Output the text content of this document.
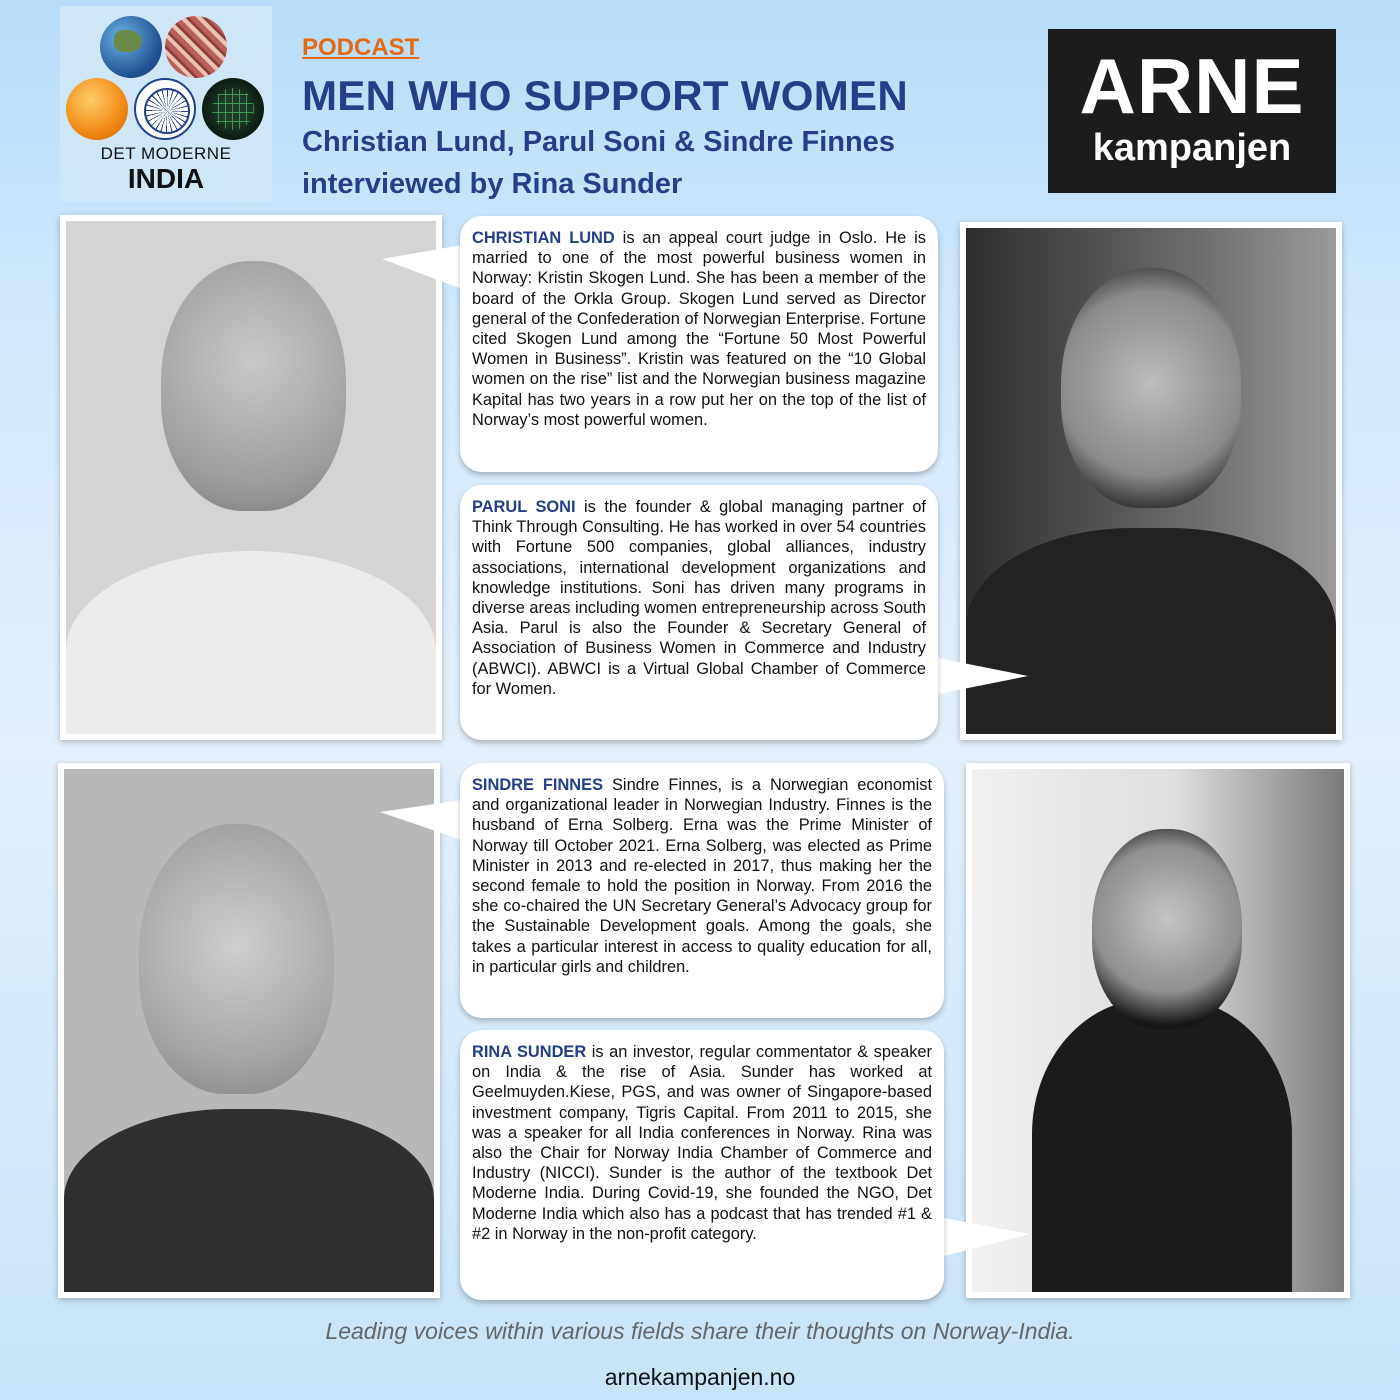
DET MODERNE
INDIA
PODCAST
MEN WHO SUPPORT WOMEN
Christian Lund, Parul Soni & Sindre Finnes
interviewed by Rina Sunder
ARNE
kampanjen
CHRISTIAN LUND is an appeal court judge in Oslo. He is married to one of the most powerful business women in Norway: Kristin Skogen Lund. She has been a member of the board of the Orkla Group. Skogen Lund served as Director general of the Confederation of Norwegian Enterprise. Fortune cited Skogen Lund among the “Fortune 50 Most Powerful Women in Business”. Kristin was featured on the “10 Global women on the rise” list and the Norwegian business magazine Kapital has two years in a row put her on the top of the list of Norway’s most powerful women.
PARUL SONI is the founder & global managing partner of Think Through Consulting. He has worked in over 54 countries with Fortune 500 companies, global alliances, industry associations, international development organizations and knowledge institutions. Soni has driven many programs in diverse areas including women entrepreneurship across South Asia. Parul is also the Founder & Secretary General of Association of Business Women in Commerce and Industry (ABWCI). ABWCI is a Virtual Global Chamber of Commerce for Women.
SINDRE FINNES Sindre Finnes, is a Norwegian economist and organizational leader in Norwegian Industry. Finnes is the husband of Erna Solberg. Erna was the Prime Minister of Norway till October 2021. Erna Solberg, was elected as Prime Minister in 2013 and re-elected in 2017, thus making her the second female to hold the position in Norway. From 2016 the she co-chaired the UN Secretary General’s Advocacy group for the Sustainable Development goals. Among the goals, she takes a particular interest in access to quality education for all, in particular girls and children.
RINA SUNDER is an investor, regular commentator & speaker on India & the rise of Asia. Sunder has worked at Geelmuyden.Kiese, PGS, and was owner of Singapore-based investment company, Tigris Capital. From 2011 to 2015, she was a speaker for all India conferences in Norway. Rina was also the Chair for Norway India Chamber of Commerce and Industry (NICCI). Sunder is the author of the textbook Det Moderne India. During Covid-19, she founded the NGO, Det Moderne India which also has a podcast that has trended #1 & #2 in Norway in the non-profit category.
Leading voices within various fields share their thoughts on Norway-India.
arnekampanjen.no
